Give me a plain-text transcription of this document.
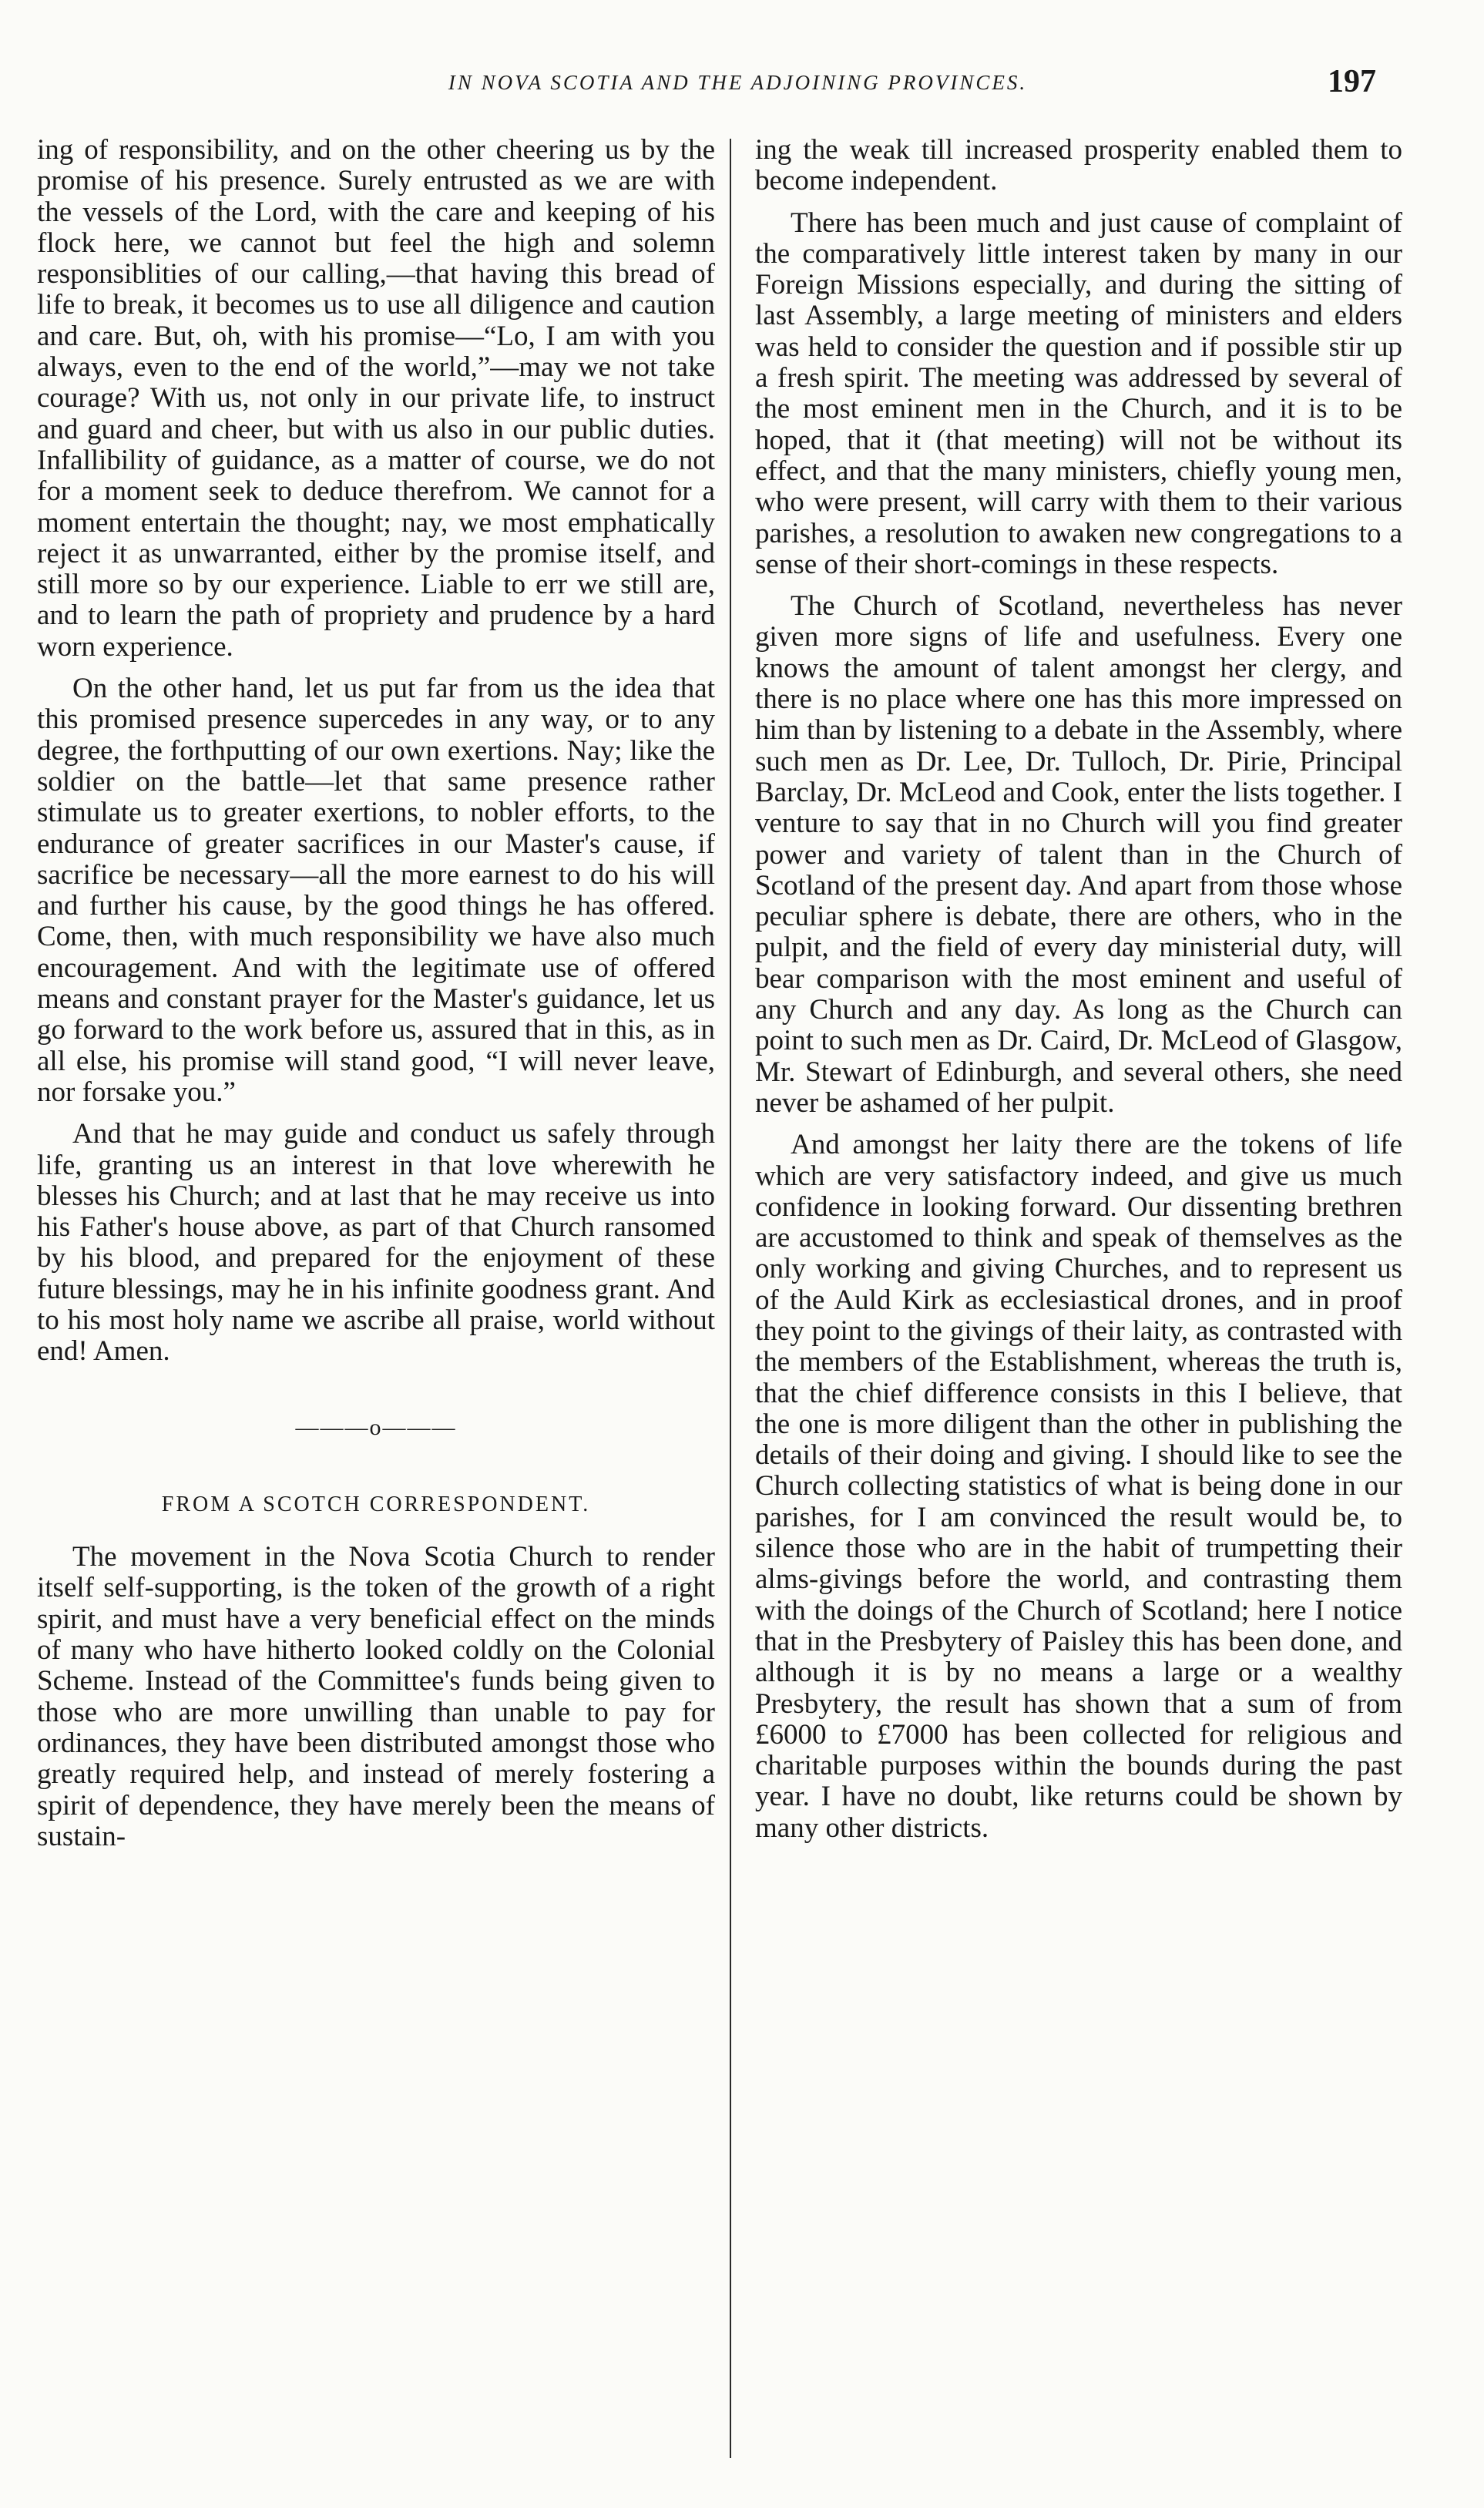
IN NOVA SCOTIA AND THE ADJOINING PROVINCES.	197

ing of responsibility, and on the other cheering us by the promise of his presence. Surely entrusted as we are with the vessels of the Lord, with the care and keeping of his flock here, we cannot but feel the high and solemn responsiblities of our calling,—that having this bread of life to break, it becomes us to use all diligence and caution and care. But, oh, with his promise—“Lo, I am with you always, even to the end of the world,”—may we not take courage? With us, not only in our private life, to instruct and guard and cheer, but with us also in our public duties. Infallibility of guidance, as a matter of course, we do not for a moment seek to deduce therefrom. We cannot for a moment entertain the thought; nay, we most emphatically reject it as unwarranted, either by the promise itself, and still more so by our experience. Liable to err we still are, and to learn the path of propriety and prudence by a hard worn experience.

On the other hand, let us put far from us the idea that this promised presence supercedes in any way, or to any degree, the forthputting of our own exertions. Nay; like the soldier on the battle—let that same presence rather stimulate us to greater exertions, to nobler efforts, to the endurance of greater sacrifices in our Master's cause, if sacrifice be necessary—all the more earnest to do his will and further his cause, by the good things he has offered. Come, then, with much responsibility we have also much encouragement. And with the legitimate use of offered means and constant prayer for the Master's guidance, let us go forward to the work before us, assured that in this, as in all else, his promise will stand good, “I will never leave, nor forsake you.”

And that he may guide and conduct us safely through life, granting us an interest in that love wherewith he blesses his Church; and at last that he may receive us into his Father's house above, as part of that Church ransomed by his blood, and prepared for the enjoyment of these future blessings, may he in his infinite goodness grant. And to his most holy name we ascribe all praise, world without end! Amen.

———o———
FROM A SCOTCH CORRESPONDENT.

The movement in the Nova Scotia Church to render itself self-supporting, is the token of the growth of a right spirit, and must have a very beneficial effect on the minds of many who have hitherto looked coldly on the Colonial Scheme. Instead of the Committee's funds being given to those who are more unwilling than unable to pay for ordinances, they have been distributed amongst those who greatly required help, and instead of merely fostering a spirit of dependence, they have merely been the means of sustain-

ing the weak till increased prosperity enabled them to become independent.

There has been much and just cause of complaint of the comparatively little interest taken by many in our Foreign Missions especially, and during the sitting of last Assembly, a large meeting of ministers and elders was held to consider the question and if possible stir up a fresh spirit. The meeting was addressed by several of the most eminent men in the Church, and it is to be hoped, that it (that meeting) will not be without its effect, and that the many ministers, chiefly young men, who were present, will carry with them to their various parishes, a resolution to awaken new congregations to a sense of their short-comings in these respects.

The Church of Scotland, nevertheless has never given more signs of life and usefulness. Every one knows the amount of talent amongst her clergy, and there is no place where one has this more impressed on him than by listening to a debate in the Assembly, where such men as Dr. Lee, Dr. Tulloch, Dr. Pirie, Principal Barclay, Dr. McLeod and Cook, enter the lists together. I venture to say that in no Church will you find greater power and variety of talent than in the Church of Scotland of the present day. And apart from those whose peculiar sphere is debate, there are others, who in the pulpit, and the field of every day ministerial duty, will bear comparison with the most eminent and useful of any Church and any day. As long as the Church can point to such men as Dr. Caird, Dr. McLeod of Glasgow, Mr. Stewart of Edinburgh, and several others, she need never be ashamed of her pulpit.

And amongst her laity there are the tokens of life which are very satisfactory indeed, and give us much confidence in looking forward. Our dissenting brethren are accustomed to think and speak of themselves as the only working and giving Churches, and to represent us of the Auld Kirk as ecclesiastical drones, and in proof they point to the givings of their laity, as contrasted with the members of the Establishment, whereas the truth is, that the chief difference consists in this I believe, that the one is more diligent than the other in publishing the details of their doing and giving. I should like to see the Church collecting statistics of what is being done in our parishes, for I am convinced the result would be, to silence those who are in the habit of trumpetting their alms-givings before the world, and contrasting them with the doings of the Church of Scotland; here I notice that in the Presbytery of Paisley this has been done, and although it is by no means a large or a wealthy Presbytery, the result has shown that a sum of from £6000 to £7000 has been collected for religious and charitable purposes within the bounds during the past year. I have no doubt, like returns could be shown by many other districts.
